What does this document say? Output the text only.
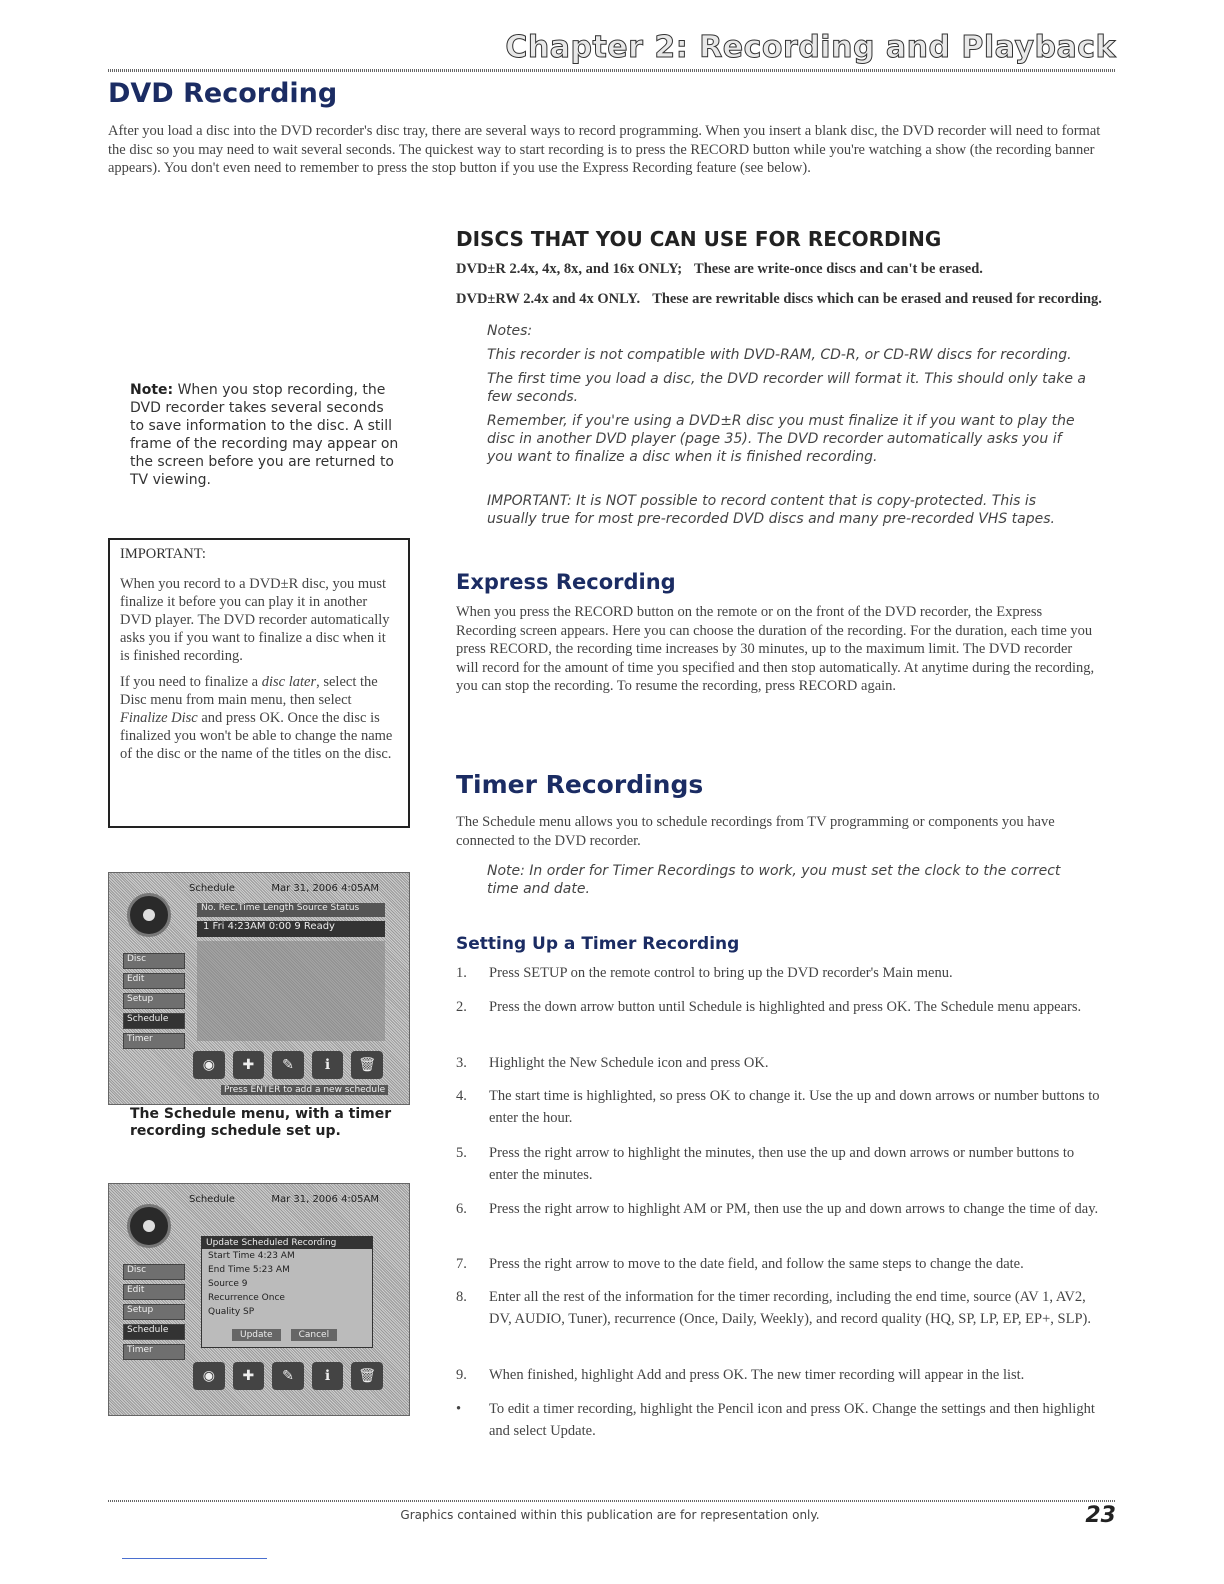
Chapter 2: Recording and Playback
DVD Recording

After you load a disc into the DVD recorder's disc tray, there are several ways to record programming. When you insert a blank disc, the DVD recorder will need to format the disc so you may need to wait several seconds. The quickest way to start recording is to press the RECORD button while you're watching a show (the recording banner appears). You don't even need to remember to press the stop button if you use the Express Recording feature (see below).

Note: When you stop recording, the DVD recorder takes several seconds to save information to the disc. A still frame of the recording may appear on the screen before you are returned to TV viewing.

IMPORTANT:

When you record to a DVD±R disc, you must finalize it before you can play it in another DVD player. The DVD recorder automatically asks you if you want to finalize a disc when it is finished recording.

If you need to finalize a disc later, select the Disc menu from main menu, then select Finalize Disc and press OK. Once the disc is finalized you won't be able to change the name of the disc or the name of the titles on the disc.

Schedule	Mar 31, 2006 4:05AM
No. Rec.Time Length Source Status
1 Fri 4:23AM 0:00 9 Ready
Disc
Edit
Setup
Schedule
Timer
◉	✚	✎	ℹ	🗑
Press ENTER to add a new schedule

The Schedule menu, with a timer recording schedule set up.

Schedule	Mar 31, 2006 4:05AM
Update Scheduled Recording
Start Time 4:23 AM
End Time 5:23 AM
Source 9
Recurrence Once
Quality SP
Update	Cancel
Disc
Edit
Setup
Schedule
Timer
◉	✚	✎	ℹ	🗑
DISCS THAT YOU CAN USE FOR RECORDING

DVD±R 2.4x, 4x, 8x, and 16x ONLY; These are write-once discs and can't be erased.

DVD±RW 2.4x and 4x ONLY. These are rewritable discs which can be erased and reused for recording.

Notes:

This recorder is not compatible with DVD-RAM, CD-R, or CD-RW discs for recording.

The first time you load a disc, the DVD recorder will format it. This should only take a few seconds.

Remember, if you're using a DVD±R disc you must finalize it if you want to play the disc in another DVD player (page 35). The DVD recorder automatically asks you if you want to finalize a disc when it is finished recording.

IMPORTANT: It is NOT possible to record content that is copy-protected. This is usually true for most pre-recorded DVD discs and many pre-recorded VHS tapes.

Express Recording

When you press the RECORD button on the remote or on the front of the DVD recorder, the Express Recording screen appears. Here you can choose the duration of the recording. For the duration, each time you press RECORD, the recording time increases by 30 minutes, up to the maximum limit. The DVD recorder will record for the amount of time you specified and then stop automatically. At anytime during the recording, you can stop the recording. To resume the recording, press RECORD again.

Timer Recordings

The Schedule menu allows you to schedule recordings from TV programming or components you have connected to the DVD recorder.

Note: In order for Timer Recordings to work, you must set the clock to the correct time and date.

Setting Up a Timer Recording
1.	Press SETUP on the remote control to bring up the DVD recorder's Main menu.
2.	Press the down arrow button until Schedule is highlighted and press OK. The Schedule menu appears.
3.	Highlight the New Schedule icon and press OK.
4.	The start time is highlighted, so press OK to change it. Use the up and down arrows or number buttons to enter the hour.
5.	Press the right arrow to highlight the minutes, then use the up and down arrows or number buttons to enter the minutes.
6.	Press the right arrow to highlight AM or PM, then use the up and down arrows to change the time of day.
7.	Press the right arrow to move to the date field, and follow the same steps to change the date.
8.	Enter all the rest of the information for the timer recording, including the end time, source (AV 1, AV2, DV, AUDIO, Tuner), recurrence (Once, Daily, Weekly), and record quality (HQ, SP, LP, EP, EP+, SLP).
9.	When finished, highlight Add and press OK. The new timer recording will appear in the list.
•	To edit a timer recording, highlight the Pencil icon and press OK. Change the settings and then highlight and select Update.
Graphics contained within this publication are for representation only.	23
